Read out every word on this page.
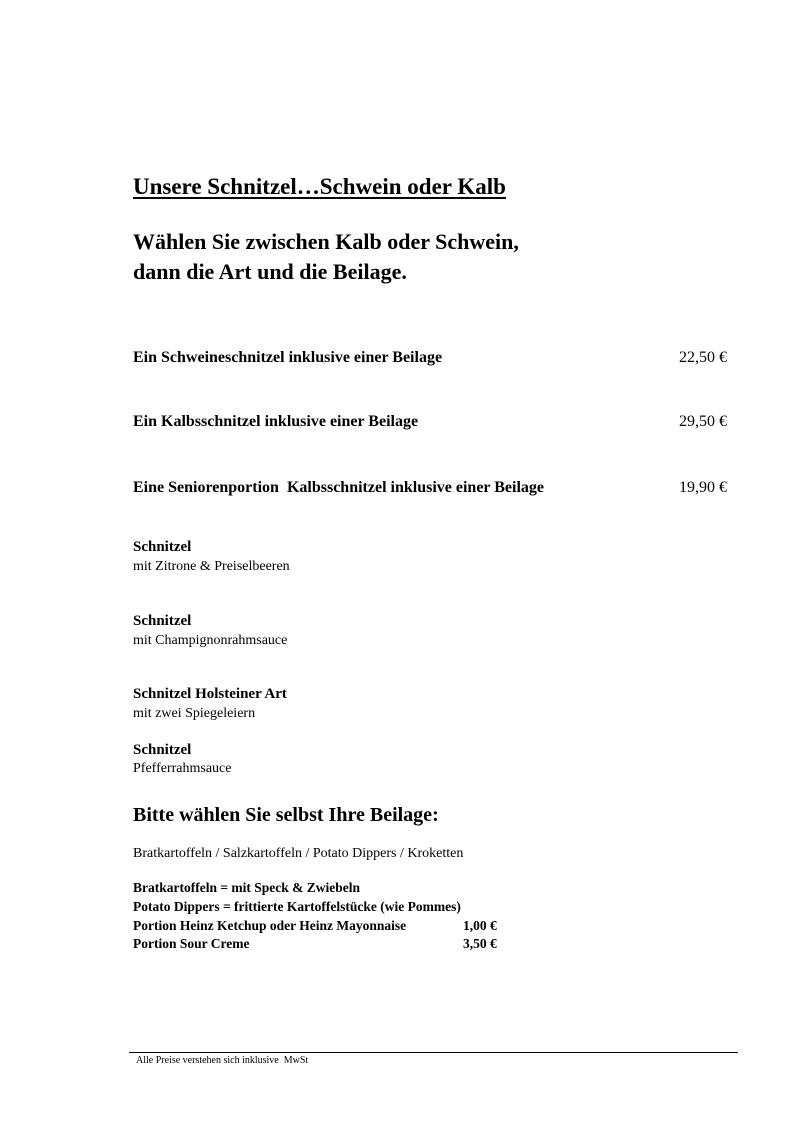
Unsere Schnitzel…Schwein oder Kalb
Wählen Sie zwischen Kalb oder Schwein,
dann die Art und die Beilage.
Ein Schweineschnitzel inklusive einer Beilage	22,50 €
Ein Kalbsschnitzel inklusive einer Beilage	29,50 €
Eine Seniorenportion  Kalbsschnitzel inklusive einer Beilage	19,90 €
Schnitzel
mit Zitrone & Preiselbeeren
Schnitzel
mit Champignonrahmsauce
Schnitzel Holsteiner Art
mit zwei Spiegeleiern
Schnitzel
Pfefferrahmsauce
Bitte wählen Sie selbst Ihre Beilage:
Bratkartoffeln / Salzkartoffeln / Potato Dippers / Kroketten
Bratkartoffeln = mit Speck & Zwiebeln
Potato Dippers = frittierte Kartoffelstücke (wie Pommes)
Portion Heinz Ketchup oder Heinz Mayonnaise	1,00 €
Portion Sour Creme	3,50 €
Alle Preise verstehen sich inklusive  MwSt
